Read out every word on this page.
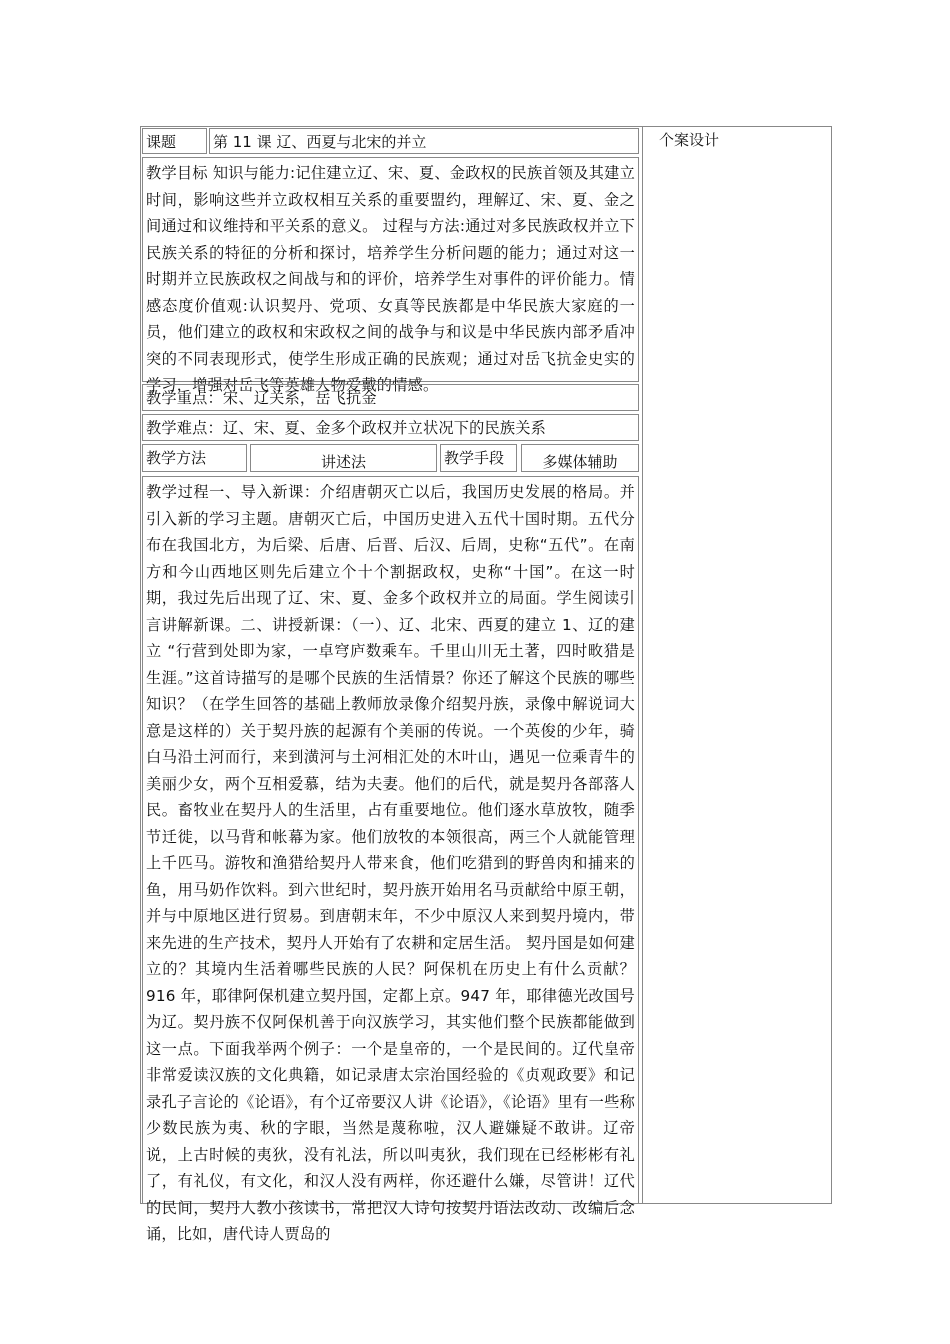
个案设计
课题	第 11 课 辽、西夏与北宋的并立

教学目标 知识与能力:记住建立辽、宋、夏、金政权的民族首领及其建立时间，影响这些并立政权相互关系的重要盟约，理解辽、宋、夏、金之间通过和议维持和平关系的意义。 过程与方法:通过对多民族政权并立下民族关系的特征的分析和探讨，培养学生分析问题的能力；通过对这一时期并立民族政权之间战与和的评价，培养学生对事件的评价能力。情感态度价值观:认识契丹、党项、女真等民族都是中华民族大家庭的一员，他们建立的政权和宋政权之间的战争与和议是中华民族内部矛盾冲突的不同表现形式，使学生形成正确的民族观；通过对岳飞抗金史实的学习，增强对岳飞等英雄人物爱戴的情感。

教学重点：宋、辽关系，岳飞抗金

教学难点：辽、宋、夏、金多个政权并立状况下的民族关系

教学方法	讲述法	教学手段	多媒体辅助

教学过程一、导入新课：介绍唐朝灭亡以后，我国历史发展的格局。并引入新的学习主题。唐朝灭亡后，中国历史进入五代十国时期。五代分布在我国北方，为后梁、后唐、后晋、后汉、后周，史称“五代”。在南方和今山西地区则先后建立个十个割据政权，史称“十国”。在这一时期，我过先后出现了辽、宋、夏、金多个政权并立的局面。学生阅读引言讲解新课。二、讲授新课：（一）、辽、北宋、西夏的建立 1、辽的建立 “行营到处即为家，一卓穹庐数乘车。千里山川无土著，四时畋猎是生涯。”这首诗描写的是哪个民族的生活情景？你还了解这个民族的哪些知识？（在学生回答的基础上教师放录像介绍契丹族，录像中解说词大意是这样的）关于契丹族的起源有个美丽的传说。一个英俊的少年，骑白马沿土河而行，来到潢河与土河相汇处的木叶山，遇见一位乘青牛的美丽少女，两个互相爱慕，结为夫妻。他们的后代，就是契丹各部落人民。畜牧业在契丹人的生活里，占有重要地位。他们逐水草放牧，随季节迁徙，以马背和帐幕为家。他们放牧的本领很高，两三个人就能管理上千匹马。游牧和渔猎给契丹人带来食，他们吃猎到的野兽肉和捕来的鱼，用马奶作饮料。到六世纪时，契丹族开始用名马贡献给中原王朝，并与中原地区进行贸易。到唐朝末年，不少中原汉人来到契丹境内，带来先进的生产技术，契丹人开始有了农耕和定居生活。 契丹国是如何建立的？其境内生活着哪些民族的人民？阿保机在历史上有什么贡献？ 916 年，耶律阿保机建立契丹国，定都上京。947 年，耶律德光改国号为辽。契丹族不仅阿保机善于向汉族学习，其实他们整个民族都能做到这一点。下面我举两个例子：一个是皇帝的，一个是民间的。辽代皇帝非常爱读汉族的文化典籍，如记录唐太宗治国经验的《贞观政要》和记录孔子言论的《论语》，有个辽帝要汉人讲《论语》，《论语》里有一些称少数民族为夷、秋的字眼，当然是蔑称啦，汉人避嫌疑不敢讲。辽帝说，上古时候的夷狄，没有礼法，所以叫夷狄，我们现在已经彬彬有礼了，有礼仪，有文化，和汉人没有两样，你还避什么嫌，尽管讲！辽代的民间，契丹人教小孩读书，常把汉人诗句按契丹语法改动、改编后念诵，比如，唐代诗人贾岛的
